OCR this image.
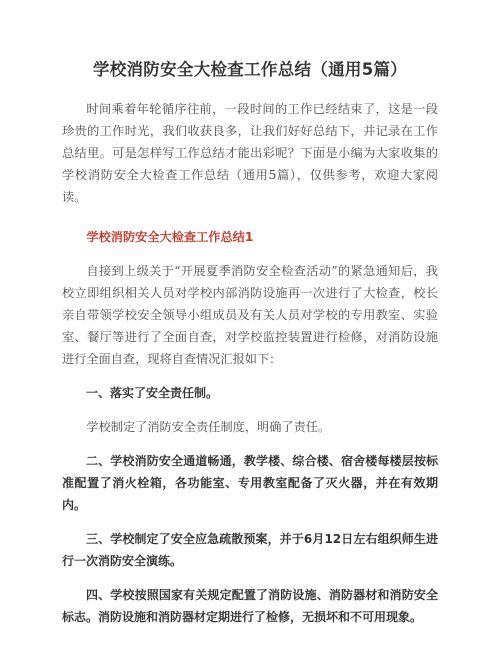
学校消防安全大检查工作总结（通用5篇）

时间乘着年轮循序往前，一段时间的工作已经结束了，这是一段珍贵的工作时光，我们收获良多，让我们好好总结下，并记录在工作总结里。可是怎样写工作总结才能出彩呢？下面是小编为大家收集的学校消防安全大检查工作总结（通用5篇），仅供参考，欢迎大家阅读。

学校消防安全大检查工作总结1

自接到上级关于“开展夏季消防安全检查活动”的紧急通知后，我校立即组织相关人员对学校内部消防设施再一次进行了大检查，校长亲自带领学校安全领导小组成员及有关人员对学校的专用教室、实验室、餐厅等进行了全面自查，对学校监控装置进行检修，对消防设施进行全面自查，现将自查情况汇报如下：

一、落实了安全责任制。

学校制定了消防安全责任制度，明确了责任。

二、学校消防安全通道畅通，教学楼、综合楼、宿舍楼每楼层按标准配置了消火栓箱，各功能室、专用教室配备了灭火器，并在有效期内。

三、学校制定了安全应急疏散预案，并于6月12日左右组织师生进行一次消防安全演练。

四、学校按照国家有关规定配置了消防设施、消防器材和消防安全标志。消防设施和消防器材定期进行了检修，无损坏和不可用现象。
